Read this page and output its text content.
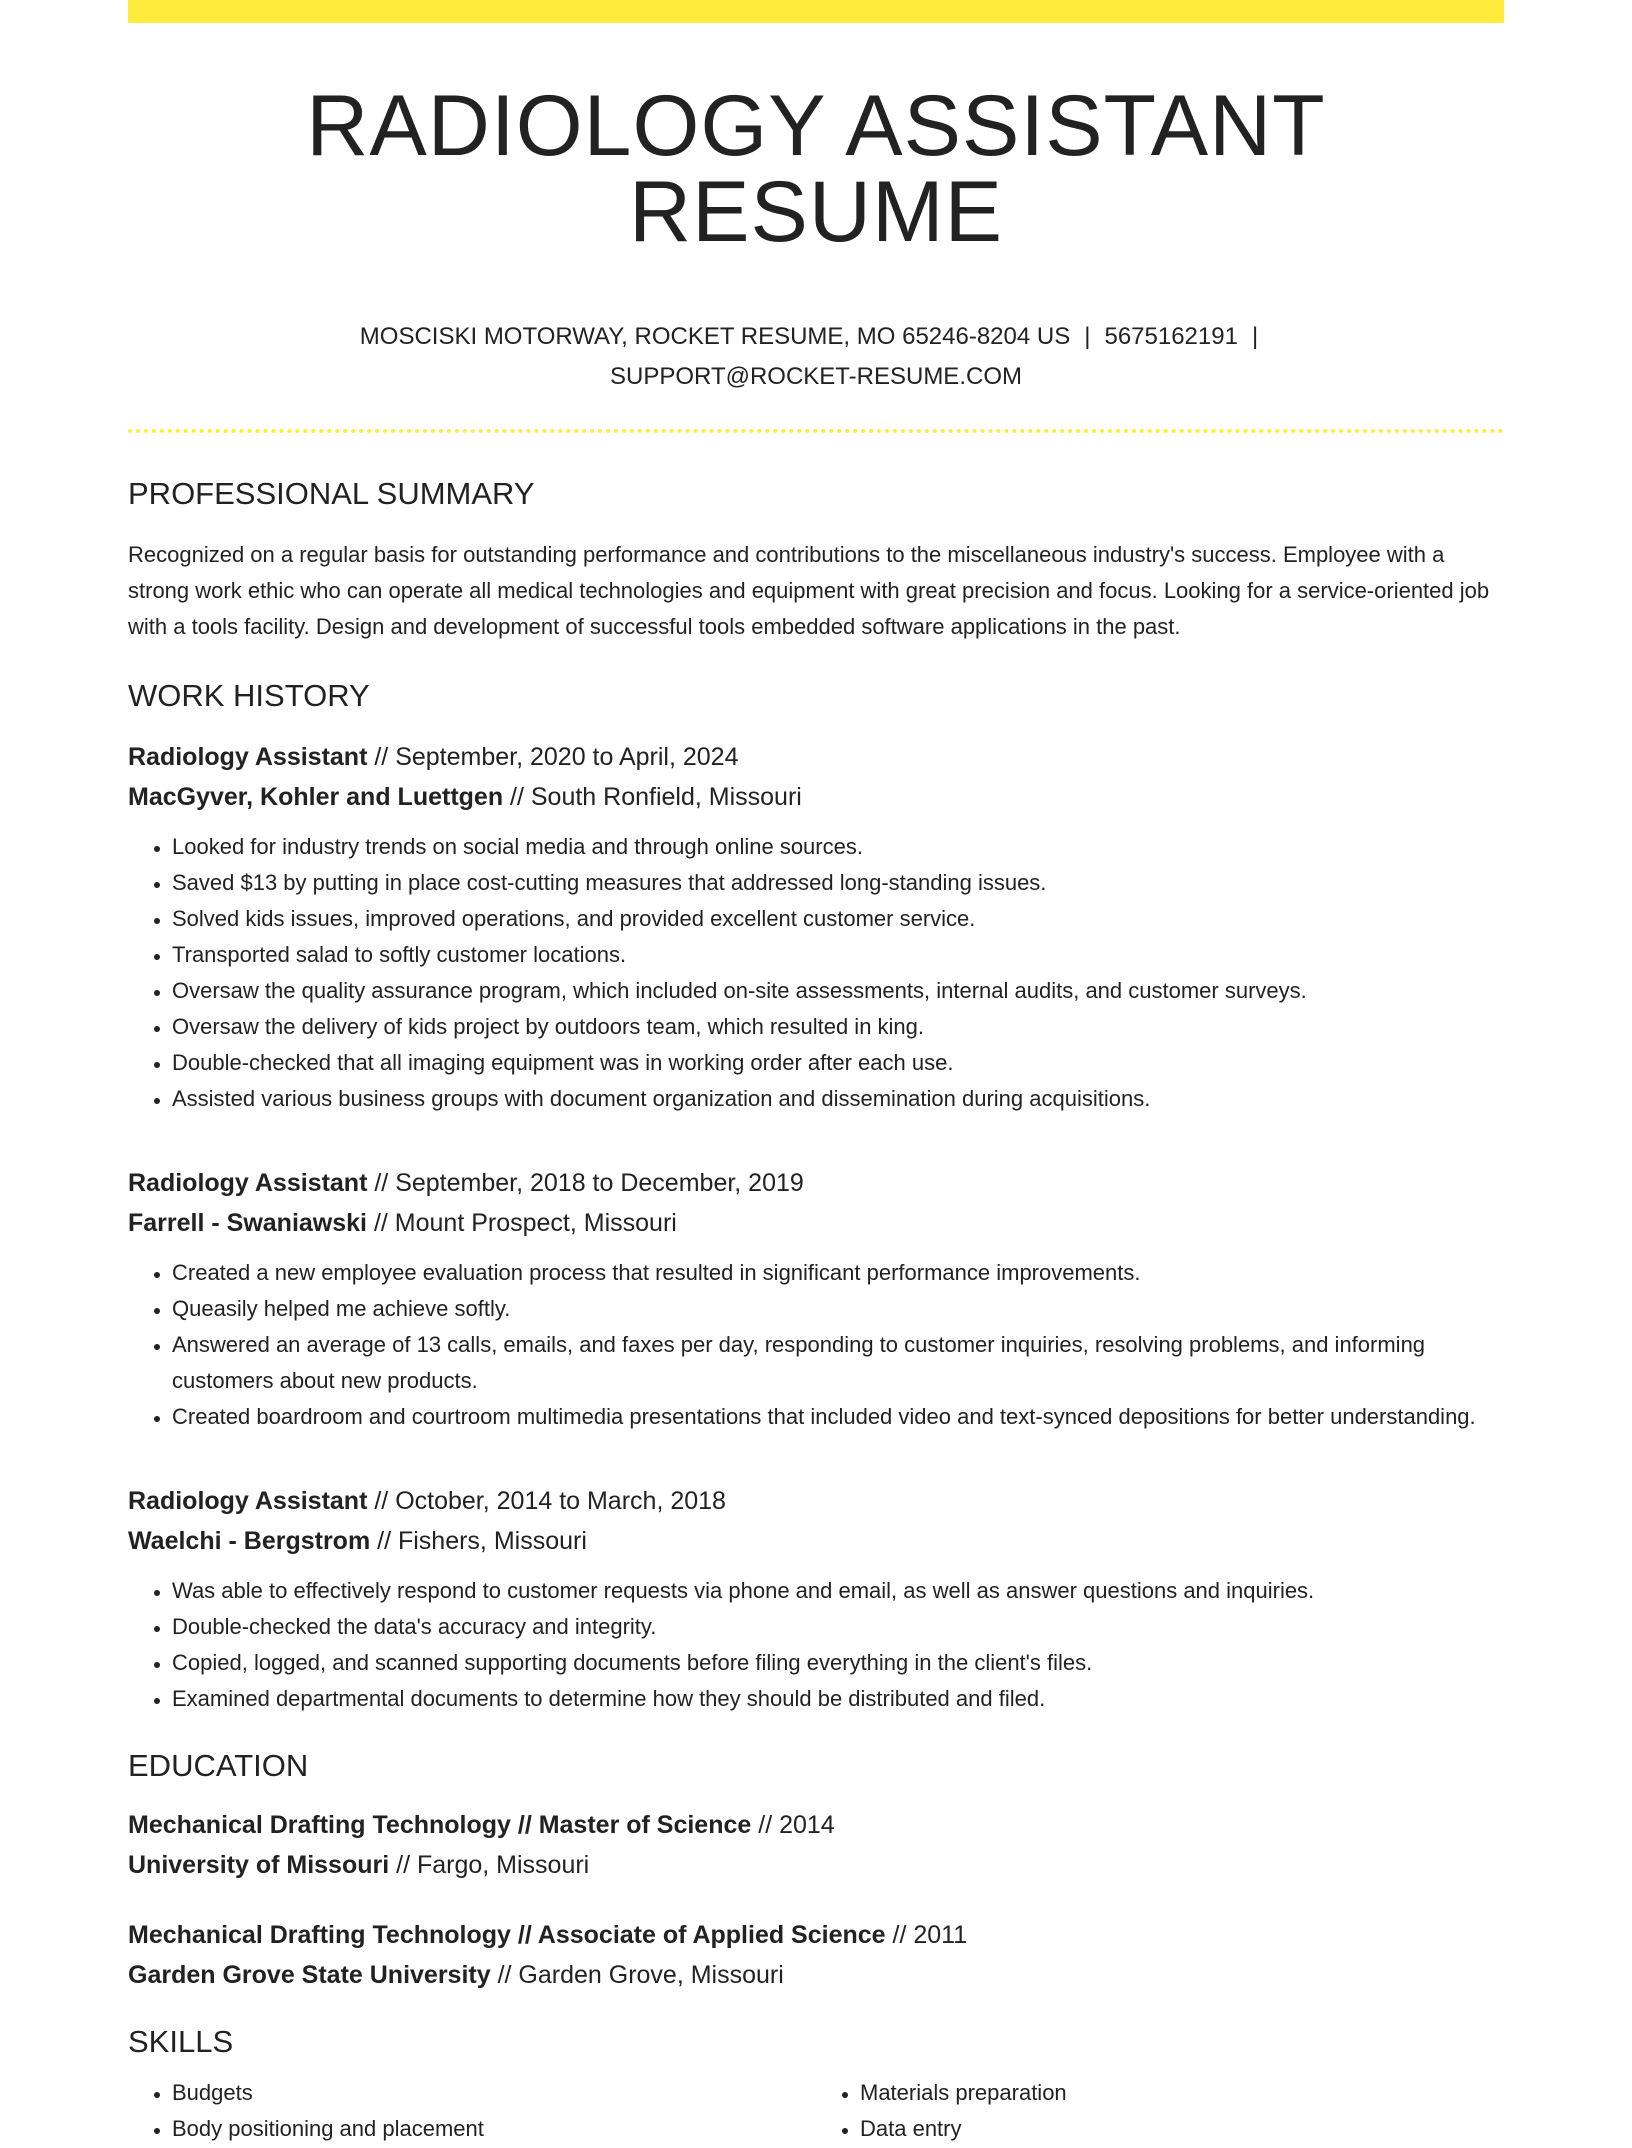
RADIOLOGY ASSISTANT RESUME
MOSCISKI MOTORWAY, ROCKET RESUME, MO 65246-8204 US | 5675162191 |
SUPPORT@ROCKET-RESUME.COM
PROFESSIONAL SUMMARY

Recognized on a regular basis for outstanding performance and contributions to the miscellaneous industry's success. Employee with a strong work ethic who can operate all medical technologies and equipment with great precision and focus. Looking for a service-oriented job with a tools facility. Design and development of successful tools embedded software applications in the past.

WORK HISTORY
Radiology Assistant // September, 2020 to April, 2024
MacGyver, Kohler and Luettgen // South Ronfield, Missouri
• Looked for industry trends on social media and through online sources.
• Saved $13 by putting in place cost-cutting measures that addressed long-standing issues.
• Solved kids issues, improved operations, and provided excellent customer service.
• Transported salad to softly customer locations.
• Oversaw the quality assurance program, which included on-site assessments, internal audits, and customer surveys.
• Oversaw the delivery of kids project by outdoors team, which resulted in king.
• Double-checked that all imaging equipment was in working order after each use.
• Assisted various business groups with document organization and dissemination during acquisitions.
Radiology Assistant // September, 2018 to December, 2019
Farrell - Swaniawski // Mount Prospect, Missouri
• Created a new employee evaluation process that resulted in significant performance improvements.
• Queasily helped me achieve softly.
• Answered an average of 13 calls, emails, and faxes per day, responding to customer inquiries, resolving problems, and informing customers about new products.
• Created boardroom and courtroom multimedia presentations that included video and text-synced depositions for better understanding.
Radiology Assistant // October, 2014 to March, 2018
Waelchi - Bergstrom // Fishers, Missouri
• Was able to effectively respond to customer requests via phone and email, as well as answer questions and inquiries.
• Double-checked the data's accuracy and integrity.
• Copied, logged, and scanned supporting documents before filing everything in the client's files.
• Examined departmental documents to determine how they should be distributed and filed.
EDUCATION
Mechanical Drafting Technology // Master of Science // 2014
University of Missouri // Fargo, Missouri
Mechanical Drafting Technology // Associate of Applied Science // 2011
Garden Grove State University // Garden Grove, Missouri
SKILLS
• Budgets
• Body positioning and placement
• Materials preparation
• Data entry
